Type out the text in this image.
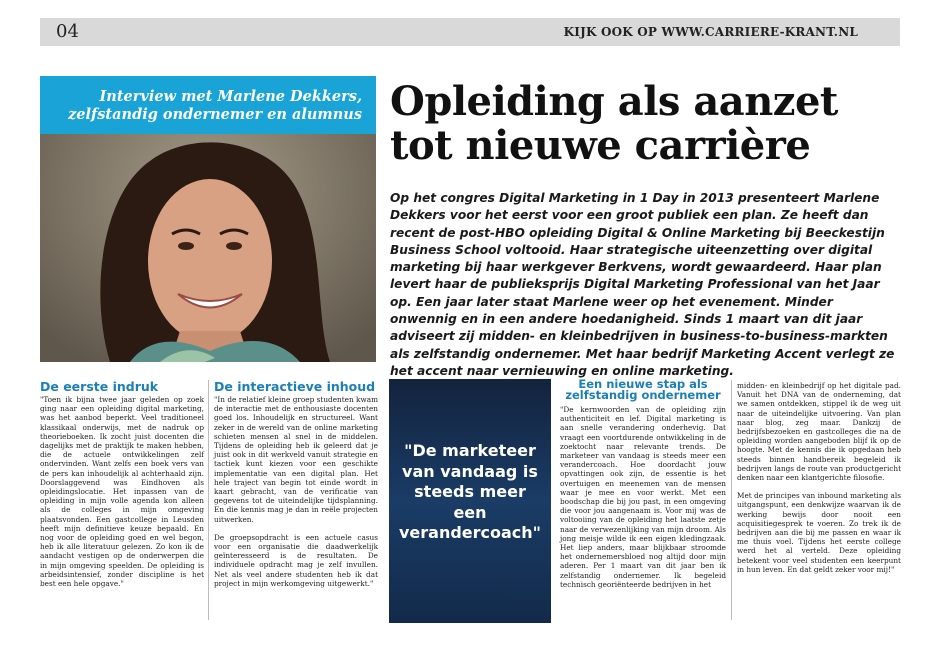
04	KIJK OOK OP WWW.CARRIERE-KRANT.NL
Interview met Marlene Dekkers,
zelfstandig ondernemer en alumnus Opleiding als aanzet
tot nieuwe carrière
Op het congres Digital Marketing in 1 Day in 2013 presenteert Marlene Dekkers voor het eerst voor een groot publiek een plan. Ze heeft dan recent de post-HBO opleiding Digital & Online Marketing bij Beeckestijn Business School voltooid. Haar strategische uiteenzetting over digital marketing bij haar werkgever Berkvens, wordt gewaardeerd. Haar plan levert haar de publieksprijs Digital Marketing Professional van het Jaar op. Een jaar later staat Marlene weer op het evenement. Minder onwennig en in een andere hoedanigheid. Sinds 1 maart van dit jaar adviseert zij midden- en kleinbedrijven in business-to-business-markten als zelfstandig ondernemer. Met haar bedrijf Marketing Accent verlegt ze het accent naar vernieuwing en online marketing.
De eerste indruk

"Toen ik bijna twee jaar geleden op zoek ging naar een opleiding digital marketing, was het aanbod beperkt. Veel traditioneel klassikaal onderwijs, met de nadruk op theorieboeken. Ik zocht juist docenten die dagelijks met de praktijk te maken hebben, die de actuele ontwikkelingen zelf ondervinden. Want zelfs een boek vers van de pers kan inhoudelijk al achterhaald zijn. Doorslaggevend was Eindhoven als opleidingslocatie. Het inpassen van de opleiding in mijn volle agenda kon alleen als de colleges in mijn omgeving plaatsvonden. Een gastcollege in Leusden heeft mijn definitieve keuze bepaald. En nog voor de opleiding goed en wel begon, heb ik alle literatuur gelezen. Zo kon ik de aandacht vestigen op de onderwerpen die in mijn omgeving speelden. De opleiding is arbeidsintensief, zonder discipline is het best een hele opgave."

De interactieve inhoud

"In de relatief kleine groep studenten kwam de interactie met de enthousiaste docenten goed los. Inhoudelijk en structureel. Want zeker in de wereld van de online marketing schieten mensen al snel in de middelen. Tijdens de opleiding heb ik geleerd dat je juist ook in dit werkveld vanuit strategie en tactiek kunt kiezen voor een geschikte implementatie van een digital plan. Het hele traject van begin tot einde wordt in kaart gebracht, van de verificatie van gegevens tot de uiteindelijke tijdsplanning. En die kennis mag je dan in reële projecten uitwerken.

De groepsopdracht is een actuele casus voor een organisatie die daadwerkelijk geïnteresseerd is de resultaten. De individuele opdracht mag je zelf invullen. Net als veel andere studenten heb ik dat project in mijn werkomgeving uitgewerkt."

"De marketeer van vandaag is steeds meer een verandercoach"
Een nieuwe stap als
zelfstandig ondernemer

"De kernwoorden van de opleiding zijn authenticiteit en lef. Digital marketing is aan snelle verandering onderhevig. Dat vraagt een voortdurende ontwikkeling in de zoektocht naar relevante trends. De marketeer van vandaag is steeds meer een verandercoach. Hoe doordacht jouw opvattingen ook zijn, de essentie is het overtuigen en meenemen van de mensen waar je mee en voor werkt. Met een boodschap die bij jou past, in een omgeving die voor jou aangenaam is. Voor mij was de voltooiing van de opleiding het laatste zetje naar de verwezenlijking van mijn droom. Als jong meisje wilde ik een eigen kledingzaak. Het liep anders, maar blijkbaar stroomde het ondernemersbloed nog altijd door mijn aderen. Per 1 maart van dit jaar ben ik zelfstandig ondernemer. Ik begeleid technisch georiënteerde bedrijven in het

midden- en kleinbedrijf op het digitale pad. Vanuit het DNA van de onderneming, dat we samen ontdekken, stippel ik de weg uit naar de uiteindelijke uitvoering. Van plan naar blog, zeg maar. Dankzij de bedrijfsbezoeken en gastcolleges die na de opleiding worden aangeboden blijf ik op de hoogte. Met de kennis die ik opgedaan heb steeds binnen handbereik begeleid ik bedrijven langs de route van productgericht denken naar een klantgerichte filosofie.

Met de principes van inbound marketing als uitgangspunt, een denkwijze waarvan ik de werking bewijs door nooit een acquisitiegesprek te voeren. Zo trek ik de bedrijven aan die bij me passen en waar ik me thuis voel. Tijdens het eerste college werd het al verteld. Deze opleiding betekent voor veel studenten een keerpunt in hun leven. En dat geldt zeker voor mij!"
